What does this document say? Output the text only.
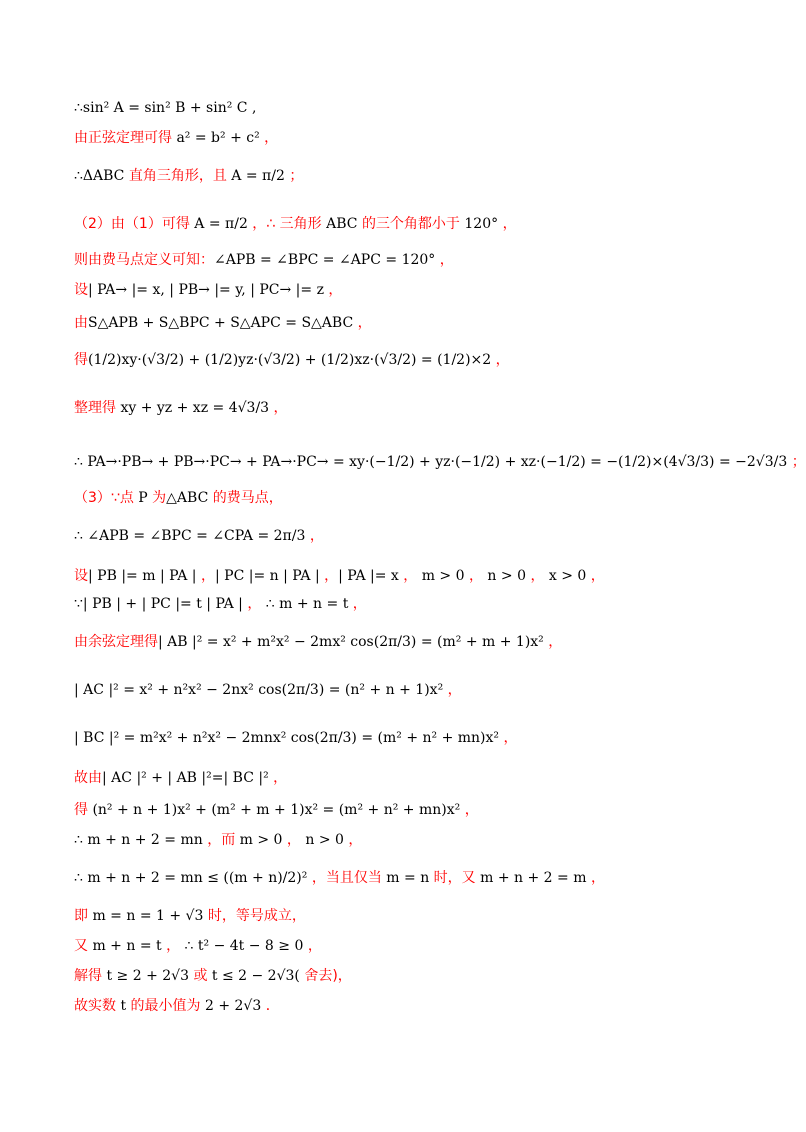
∴sin² A = sin² B + sin² C ,
由正弦定理可得 a² = b² + c² ，
∴ΔABC 直角三角形，且 A = π/2 ；
（2）由（1）可得 A = π/2 ，∴ 三角形 ABC 的三个角都小于 120° ，
则由费马点定义可知：∠APB = ∠BPC = ∠APC = 120° ，
设| PA→ |= x, | PB→ |= y, | PC→ |= z ，
由S△APB + S△BPC + S△APC = S△ABC ，
得(1/2)xy·(√3/2) + (1/2)yz·(√3/2) + (1/2)xz·(√3/2) = (1/2)×2 ，
整理得 xy + yz + xz = 4√3/3 ，
∴ PA→·PB→ + PB→·PC→ + PA→·PC→ = xy·(−1/2) + yz·(−1/2) + xz·(−1/2) = −(1/2)×(4√3/3) = −2√3/3 ；
（3）∵点 P 为△ABC 的费马点，
∴ ∠APB = ∠BPC = ∠CPA = 2π/3 ，
设| PB |= m | PA | ，| PC |= n | PA | ，| PA |= x ， m > 0 ， n > 0 ， x > 0 ，
∵| PB | + | PC |= t | PA | ， ∴ m + n = t ，
由余弦定理得| AB |² = x² + m²x² − 2mx² cos(2π/3) = (m² + m + 1)x² ，
| AC |² = x² + n²x² − 2nx² cos(2π/3) = (n² + n + 1)x² ，
| BC |² = m²x² + n²x² − 2mnx² cos(2π/3) = (m² + n² + mn)x² ，
故由| AC |² + | AB |²=| BC |² ，
得 (n² + n + 1)x² + (m² + m + 1)x² = (m² + n² + mn)x² ，
∴ m + n + 2 = mn ，而 m > 0 ， n > 0 ，
∴ m + n + 2 = mn ≤ ((m + n)/2)² ，当且仅当 m = n 时，又 m + n + 2 = m ，
即 m = n = 1 + √3 时，等号成立，
又 m + n = t ， ∴ t² − 4t − 8 ≥ 0 ，
解得 t ≥ 2 + 2√3 或 t ≤ 2 − 2√3( 舍去)，
故实数 t 的最小值为 2 + 2√3 ．
